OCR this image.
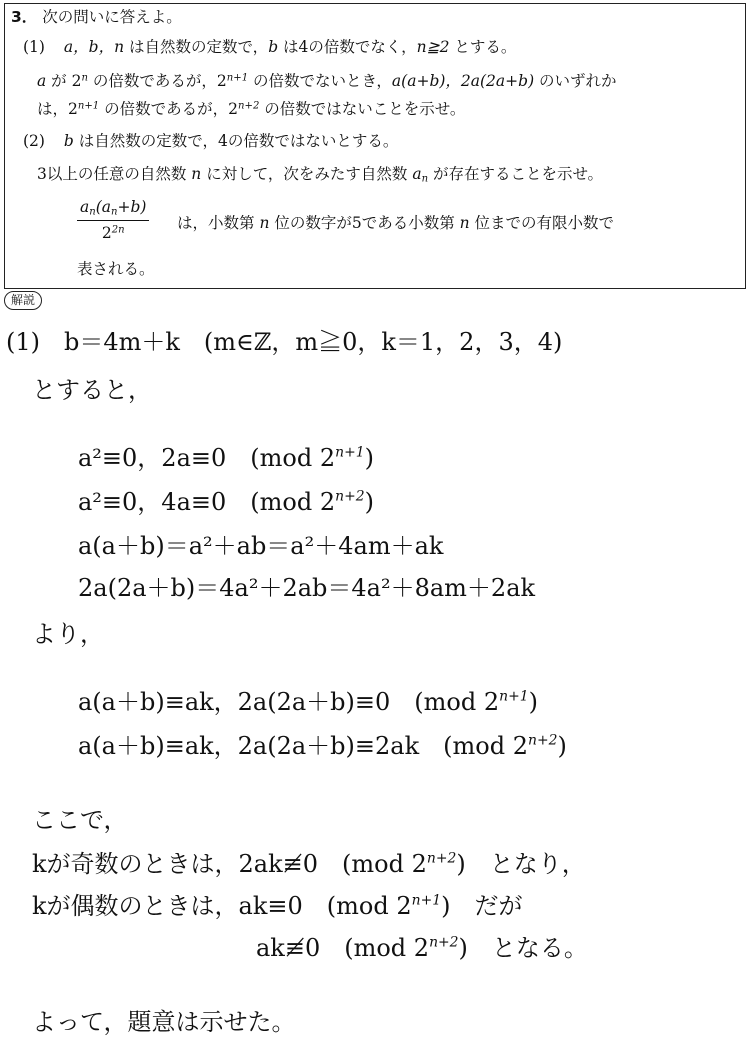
3． 次の問いに答えよ。
(1) a，b，n は自然数の定数で，b は4の倍数でなく，n≧2 とする。
a が 2$^n$ の倍数であるが，$2^{n+1}$ の倍数でないとき，a(a+b)，2a(2a+b) のいずれか
は，$2^{n+1}$ の倍数であるが，$2^{n+2}$ の倍数ではないことを示せ。
(2) b は自然数の定数で，4の倍数ではないとする。
3以上の任意の自然数 n に対して，次をみたす自然数 $a_n$ が存在することを示せ。
$\frac{a_n(a_n+b)}{2^{2n}}$ は，小数第 n 位の数字が5である小数第 n 位までの有限小数で
表される。
解説
(1)　b＝4m＋k　(m∈ℤ，m≧0，k＝1，2，3，4)
とすると，
a²≡0，2a≡0　(mod $2^{n+1}$)
a²≡0，4a≡0　(mod $2^{n+2}$)
a(a＋b)＝a²＋ab＝a²＋4am＋ak
2a(2a＋b)＝4a²＋2ab＝4a²＋8am＋2ak
より，
a(a＋b)≡ak，2a(2a＋b)≡0　(mod $2^{n+1}$)
a(a＋b)≡ak，2a(2a＋b)≡2ak　(mod $2^{n+2}$)
ここで，
kが奇数のときは，2ak≢0　(mod $2^{n+2}$)　となり，
kが偶数のときは，ak≡0　(mod $2^{n+1}$)　だが
ak≢0　(mod $2^{n+2}$)　となる。
よって，題意は示せた。
